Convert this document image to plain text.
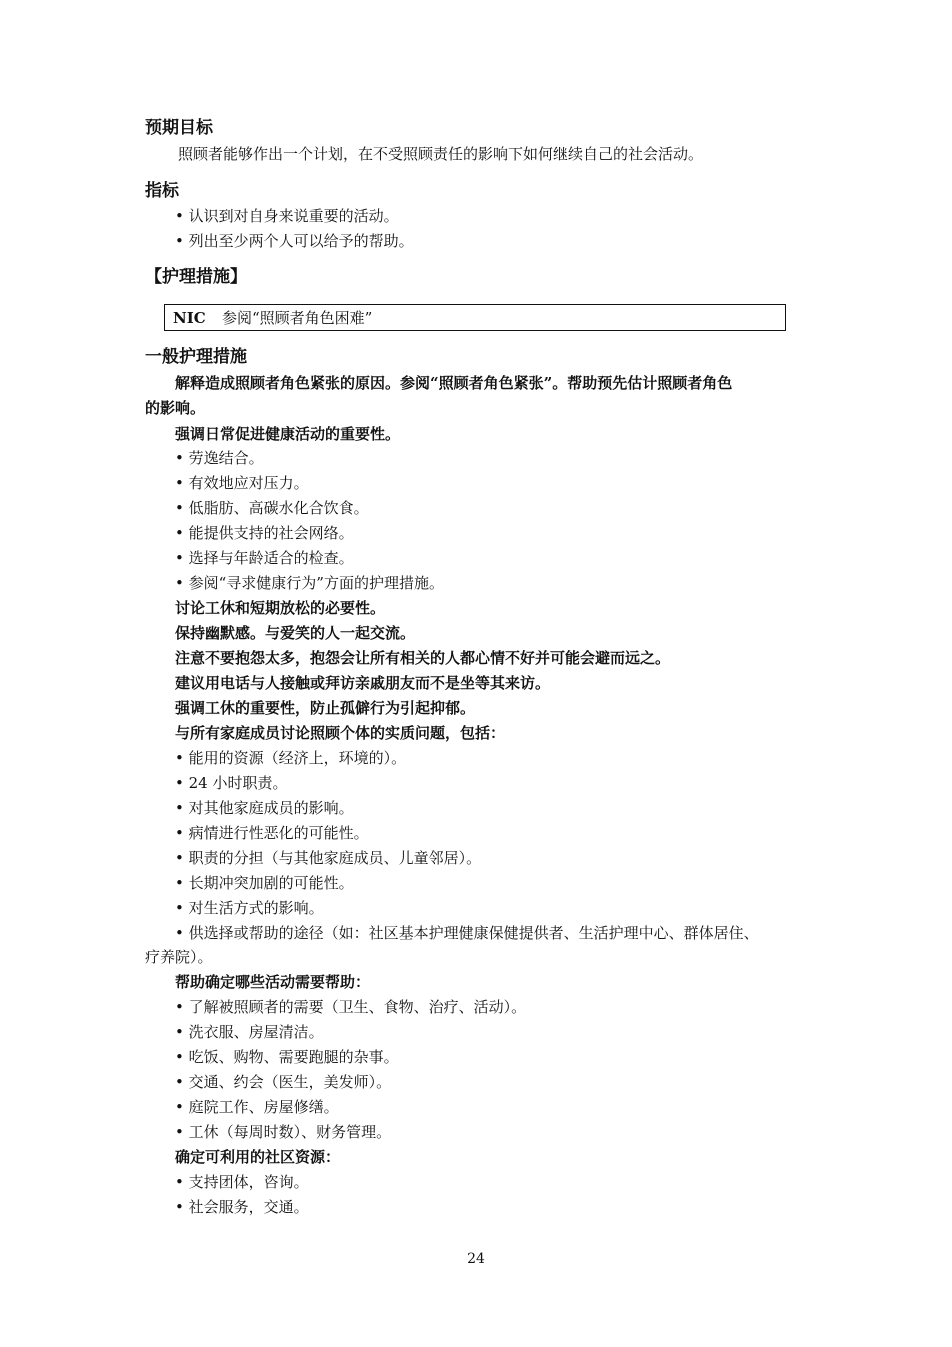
预期目标
照顾者能够作出一个计划，在不受照顾责任的影响下如何继续自己的社会活动。
指标
• 认识到对自身来说重要的活动。
• 列出至少两个人可以给予的帮助。
【护理措施】
NIC 参阅“照顾者角色困难”
一般护理措施
解释造成照顾者角色紧张的原因。参阅“照顾者角色紧张”。帮助预先估计照顾者角色
的影响。
强调日常促进健康活动的重要性。
• 劳逸结合。
• 有效地应对压力。
• 低脂肪、高碳水化合饮食。
• 能提供支持的社会网络。
• 选择与年龄适合的检查。
• 参阅“寻求健康行为”方面的护理措施。
讨论工休和短期放松的必要性。
保持幽默感。与爱笑的人一起交流。
注意不要抱怨太多，抱怨会让所有相关的人都心情不好并可能会避而远之。
建议用电话与人接触或拜访亲戚朋友而不是坐等其来访。
强调工休的重要性，防止孤僻行为引起抑郁。
与所有家庭成员讨论照顾个体的实质问题，包括：
• 能用的资源（经济上，环境的）。
• 24 小时职责。
• 对其他家庭成员的影响。
• 病情进行性恶化的可能性。
• 职责的分担（与其他家庭成员、儿童邻居）。
• 长期冲突加剧的可能性。
• 对生活方式的影响。
• 供选择或帮助的途径（如：社区基本护理健康保健提供者、生活护理中心、群体居住、
疗养院）。
帮助确定哪些活动需要帮助：
• 了解被照顾者的需要（卫生、食物、治疗、活动）。
• 洗衣服、房屋清洁。
• 吃饭、购物、需要跑腿的杂事。
• 交通、约会（医生，美发师）。
• 庭院工作、房屋修缮。
• 工休（每周时数）、财务管理。
确定可利用的社区资源：
• 支持团体，咨询。
• 社会服务，交通。
24
